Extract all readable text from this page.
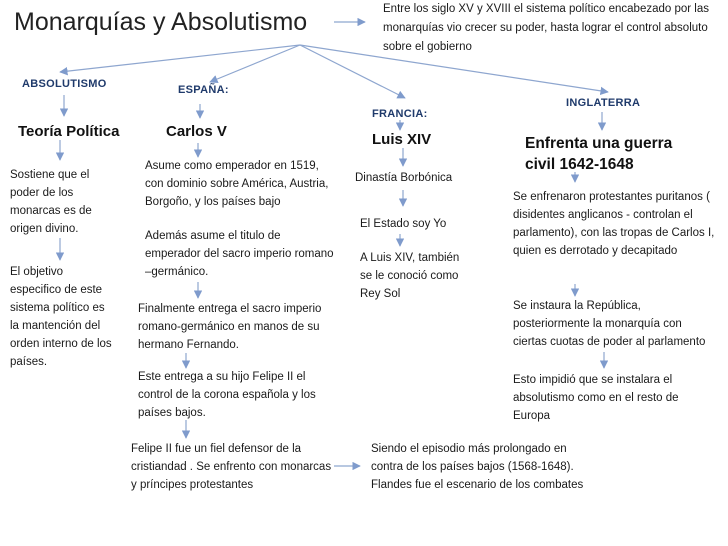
Monarquías y Absolutismo	Entre los siglo XV y XVIII el sistema político encabezado por las monarquías vio crecer su poder, hasta lograr el control absoluto sobre el gobierno
ABSOLUTISMO
Teoría Política
Sostiene que el poder de los monarcas es de origen divino.
El objetivo especifico de este sistema político es la mantención del orden interno de los países.
ESPAÑA:
Carlos V
Asume como emperador en 1519, con dominio sobre América, Austria, Borgoño, y los países bajo
Además asume el titulo de emperador del sacro imperio romano –germánico.
Finalmente entrega el sacro imperio romano-germánico en manos de su hermano Fernando.
Este entrega a su hijo Felipe II el control de la corona española y los países bajos.
Felipe II fue un fiel defensor de la cristiandad . Se enfrento con monarcas y príncipes protestantes
Siendo el episodio más prolongado en contra de los países bajos (1568-1648). Flandes fue el escenario de los combates
FRANCIA:
Luis XIV
Dinastía Borbónica
El Estado soy Yo
A Luis XIV, también se le conoció como Rey Sol
INGLATERRA
Enfrenta una guerra civil 1642-1648
Se enfrenaron protestantes puritanos ( disidentes anglicanos - controlan el parlamento), con las tropas de Carlos I, quien es derrotado y decapitado
Se instaura la República, posteriormente la monarquía con ciertas cuotas de poder al parlamento
Esto impidió que se instalara el absolutismo como en el resto de Europa
